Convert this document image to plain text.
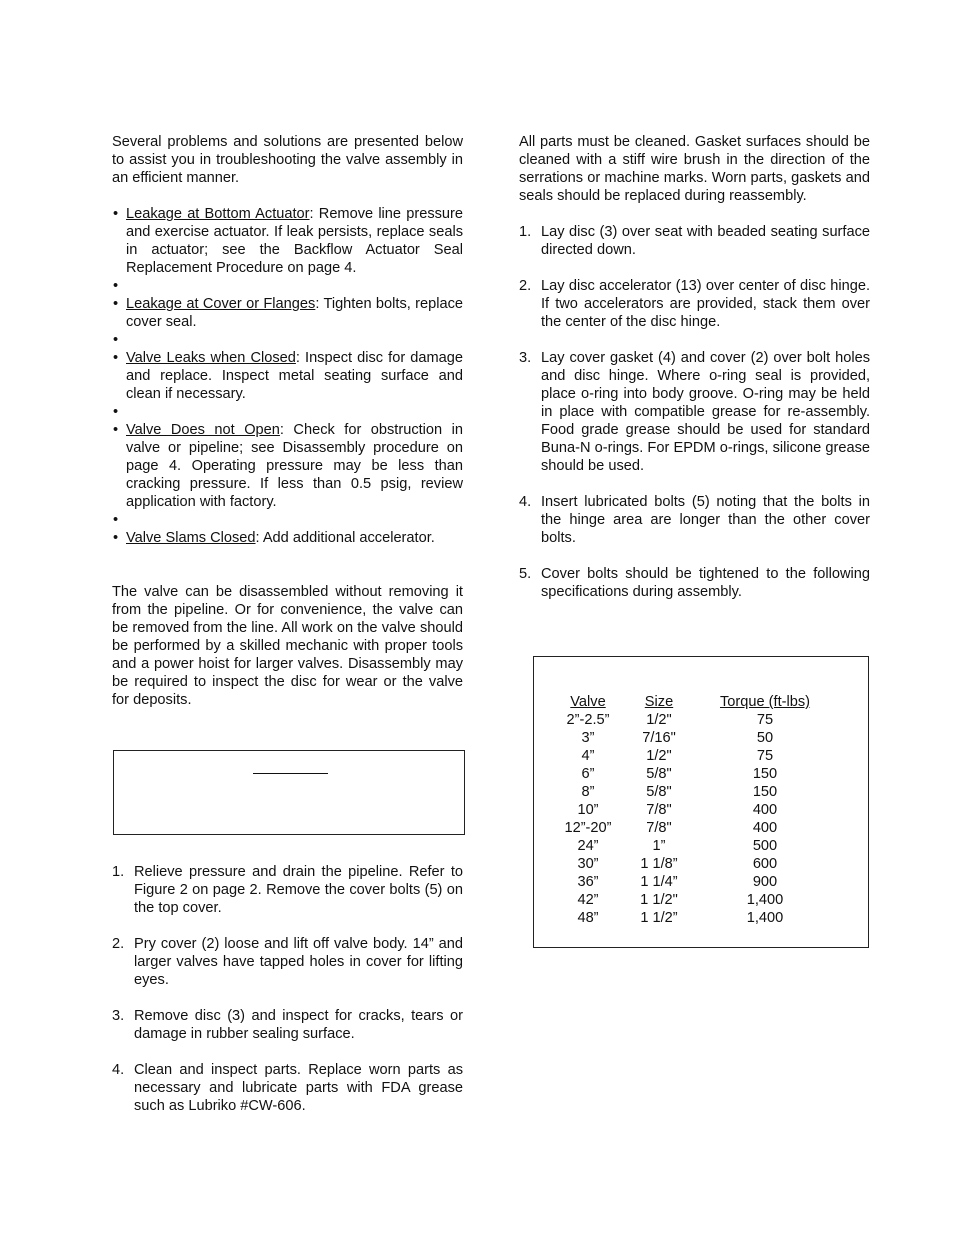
Several problems and solutions are presented below to assist you in troubleshooting the valve assembly in an efficient manner.

• Leakage at Bottom Actuator: Remove line pressure and exercise actuator. If leak persists, replace seals in actuator; see the Backflow Actuator Seal Replacement Procedure on page 4.
•
• Leakage at Cover or Flanges: Tighten bolts, replace cover seal.
•
• Valve Leaks when Closed: Inspect disc for damage and replace. Inspect metal seating surface and clean if necessary.
•
• Valve Does not Open: Check for obstruction in valve or pipeline; see Disassembly procedure on page 4. Operating pressure may be less than cracking pressure. If less than 0.5 psig, review application with factory.
•
• Valve Slams Closed: Add additional accelerator.

The valve can be disassembled without removing it from the pipeline. Or for convenience, the valve can be removed from the line. All work on the valve should be performed by a skilled mechanic with proper tools and a power hoist for larger valves. Disassembly may be required to inspect the disc for wear or the valve for deposits.

1. Relieve pressure and drain the pipeline. Refer to Figure 2 on page 2. Remove the cover bolts (5) on the top cover.
2. Pry cover (2) loose and lift off valve body. 14” and larger valves have tapped holes in cover for lifting eyes.
3. Remove disc (3) and inspect for cracks, tears or damage in rubber sealing surface.
4. Clean and inspect parts. Replace worn parts as necessary and lubricate parts with FDA grease such as Lubriko #CW-606.

All parts must be cleaned. Gasket surfaces should be cleaned with a stiff wire brush in the direction of the serrations or machine marks. Worn parts, gaskets and seals should be replaced during reassembly.

1. Lay disc (3) over seat with beaded seating surface directed down.
2. Lay disc accelerator (13) over center of disc hinge. If two accelerators are provided, stack them over the center of the disc hinge.
3. Lay cover gasket (4) and cover (2) over bolt holes and disc hinge. Where o-ring seal is provided, place o-ring into body groove. O-ring may be held in place with compatible grease for re-assembly. Food grade grease should be used for standard Buna-N o-rings. For EPDM o-rings, silicone grease should be used.
4. Insert lubricated bolts (5) noting that the bolts in the hinge area are longer than the other cover bolts.
5. Cover bolts should be tightened to the following specifications during assembly.
Valve	Size	Torque (ft-lbs)
2”-2.5”	1/2"	75
3”	7/16"	50
4”	1/2"	75
6”	5/8"	150
8”	5/8"	150
10”	7/8"	400
12”-20”	7/8"	400
24”	1”	500
30”	1 1/8”	600
36”	1 1/4”	900
42”	1 1/2"	1,400
48”	1 1/2”	1,400
